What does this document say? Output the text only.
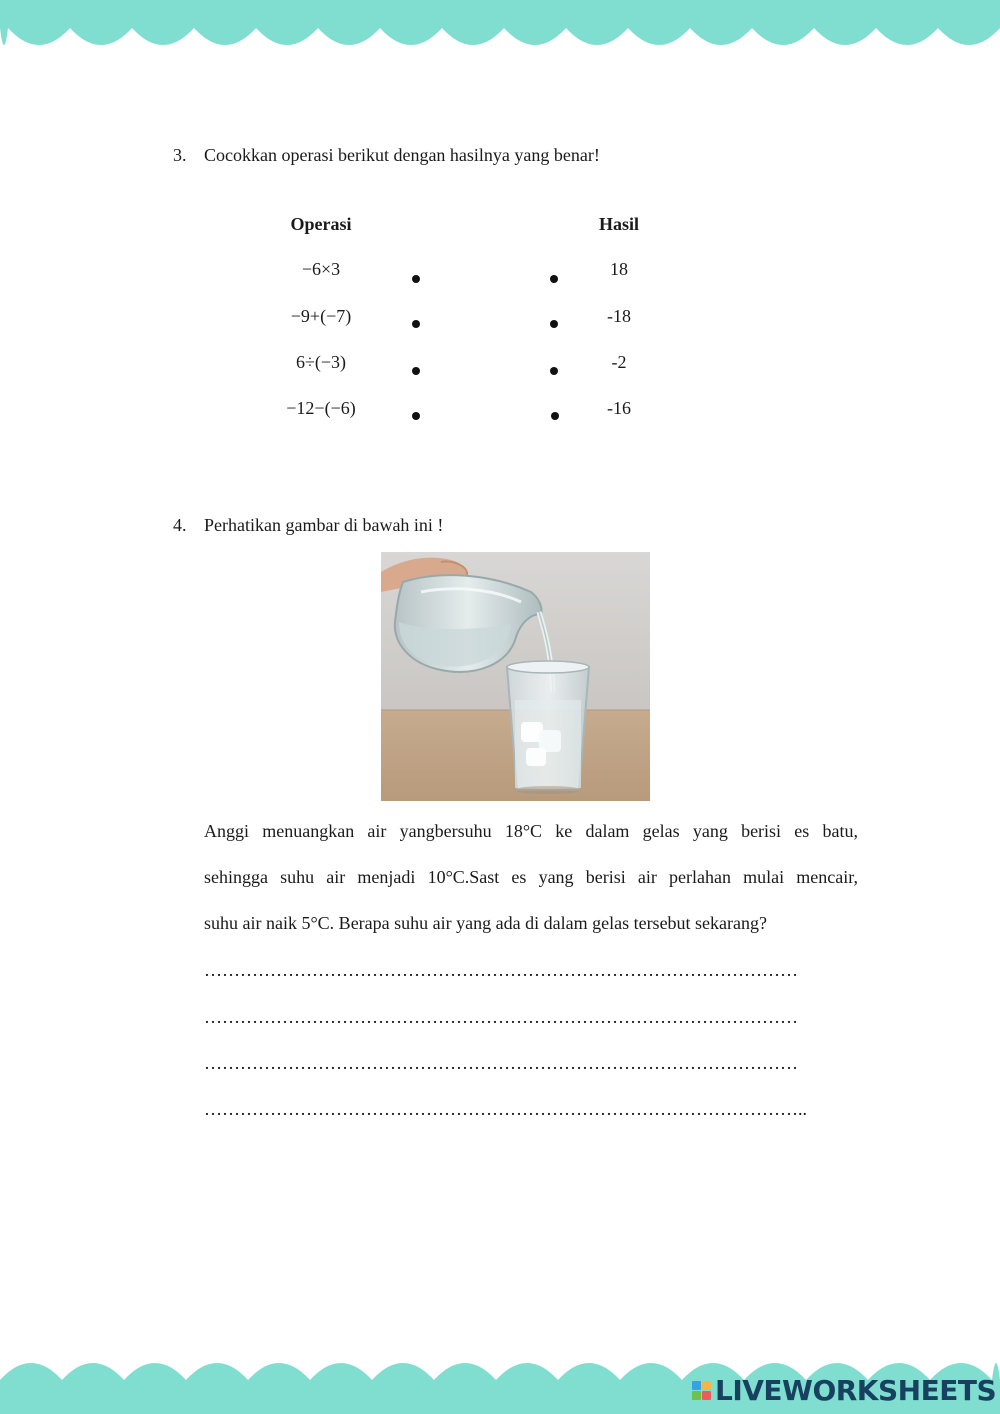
3. Cocokkan operasi berikut dengan hasilnya yang benar!
Operasi	Hasil
−6×3
−9+(−7)
6÷(−3)
−12−(−6)
18
-18
-2
-16
4. Perhatikan gambar di bawah ini !
Anggi menuangkan air yangbersuhu 18°C ke dalam gelas yang berisi es batu,
sehingga suhu air menjadi 10°C.Sast es yang berisi air perlahan mulai mencair,
suhu air naik 5°C. Berapa suhu air yang ada di dalam gelas tersebut sekarang?
………………………………………………………………………………………
………………………………………………………………………………………
………………………………………………………………………………………
………………………………………………………………………………………..
LIVEWORKSHEETS
